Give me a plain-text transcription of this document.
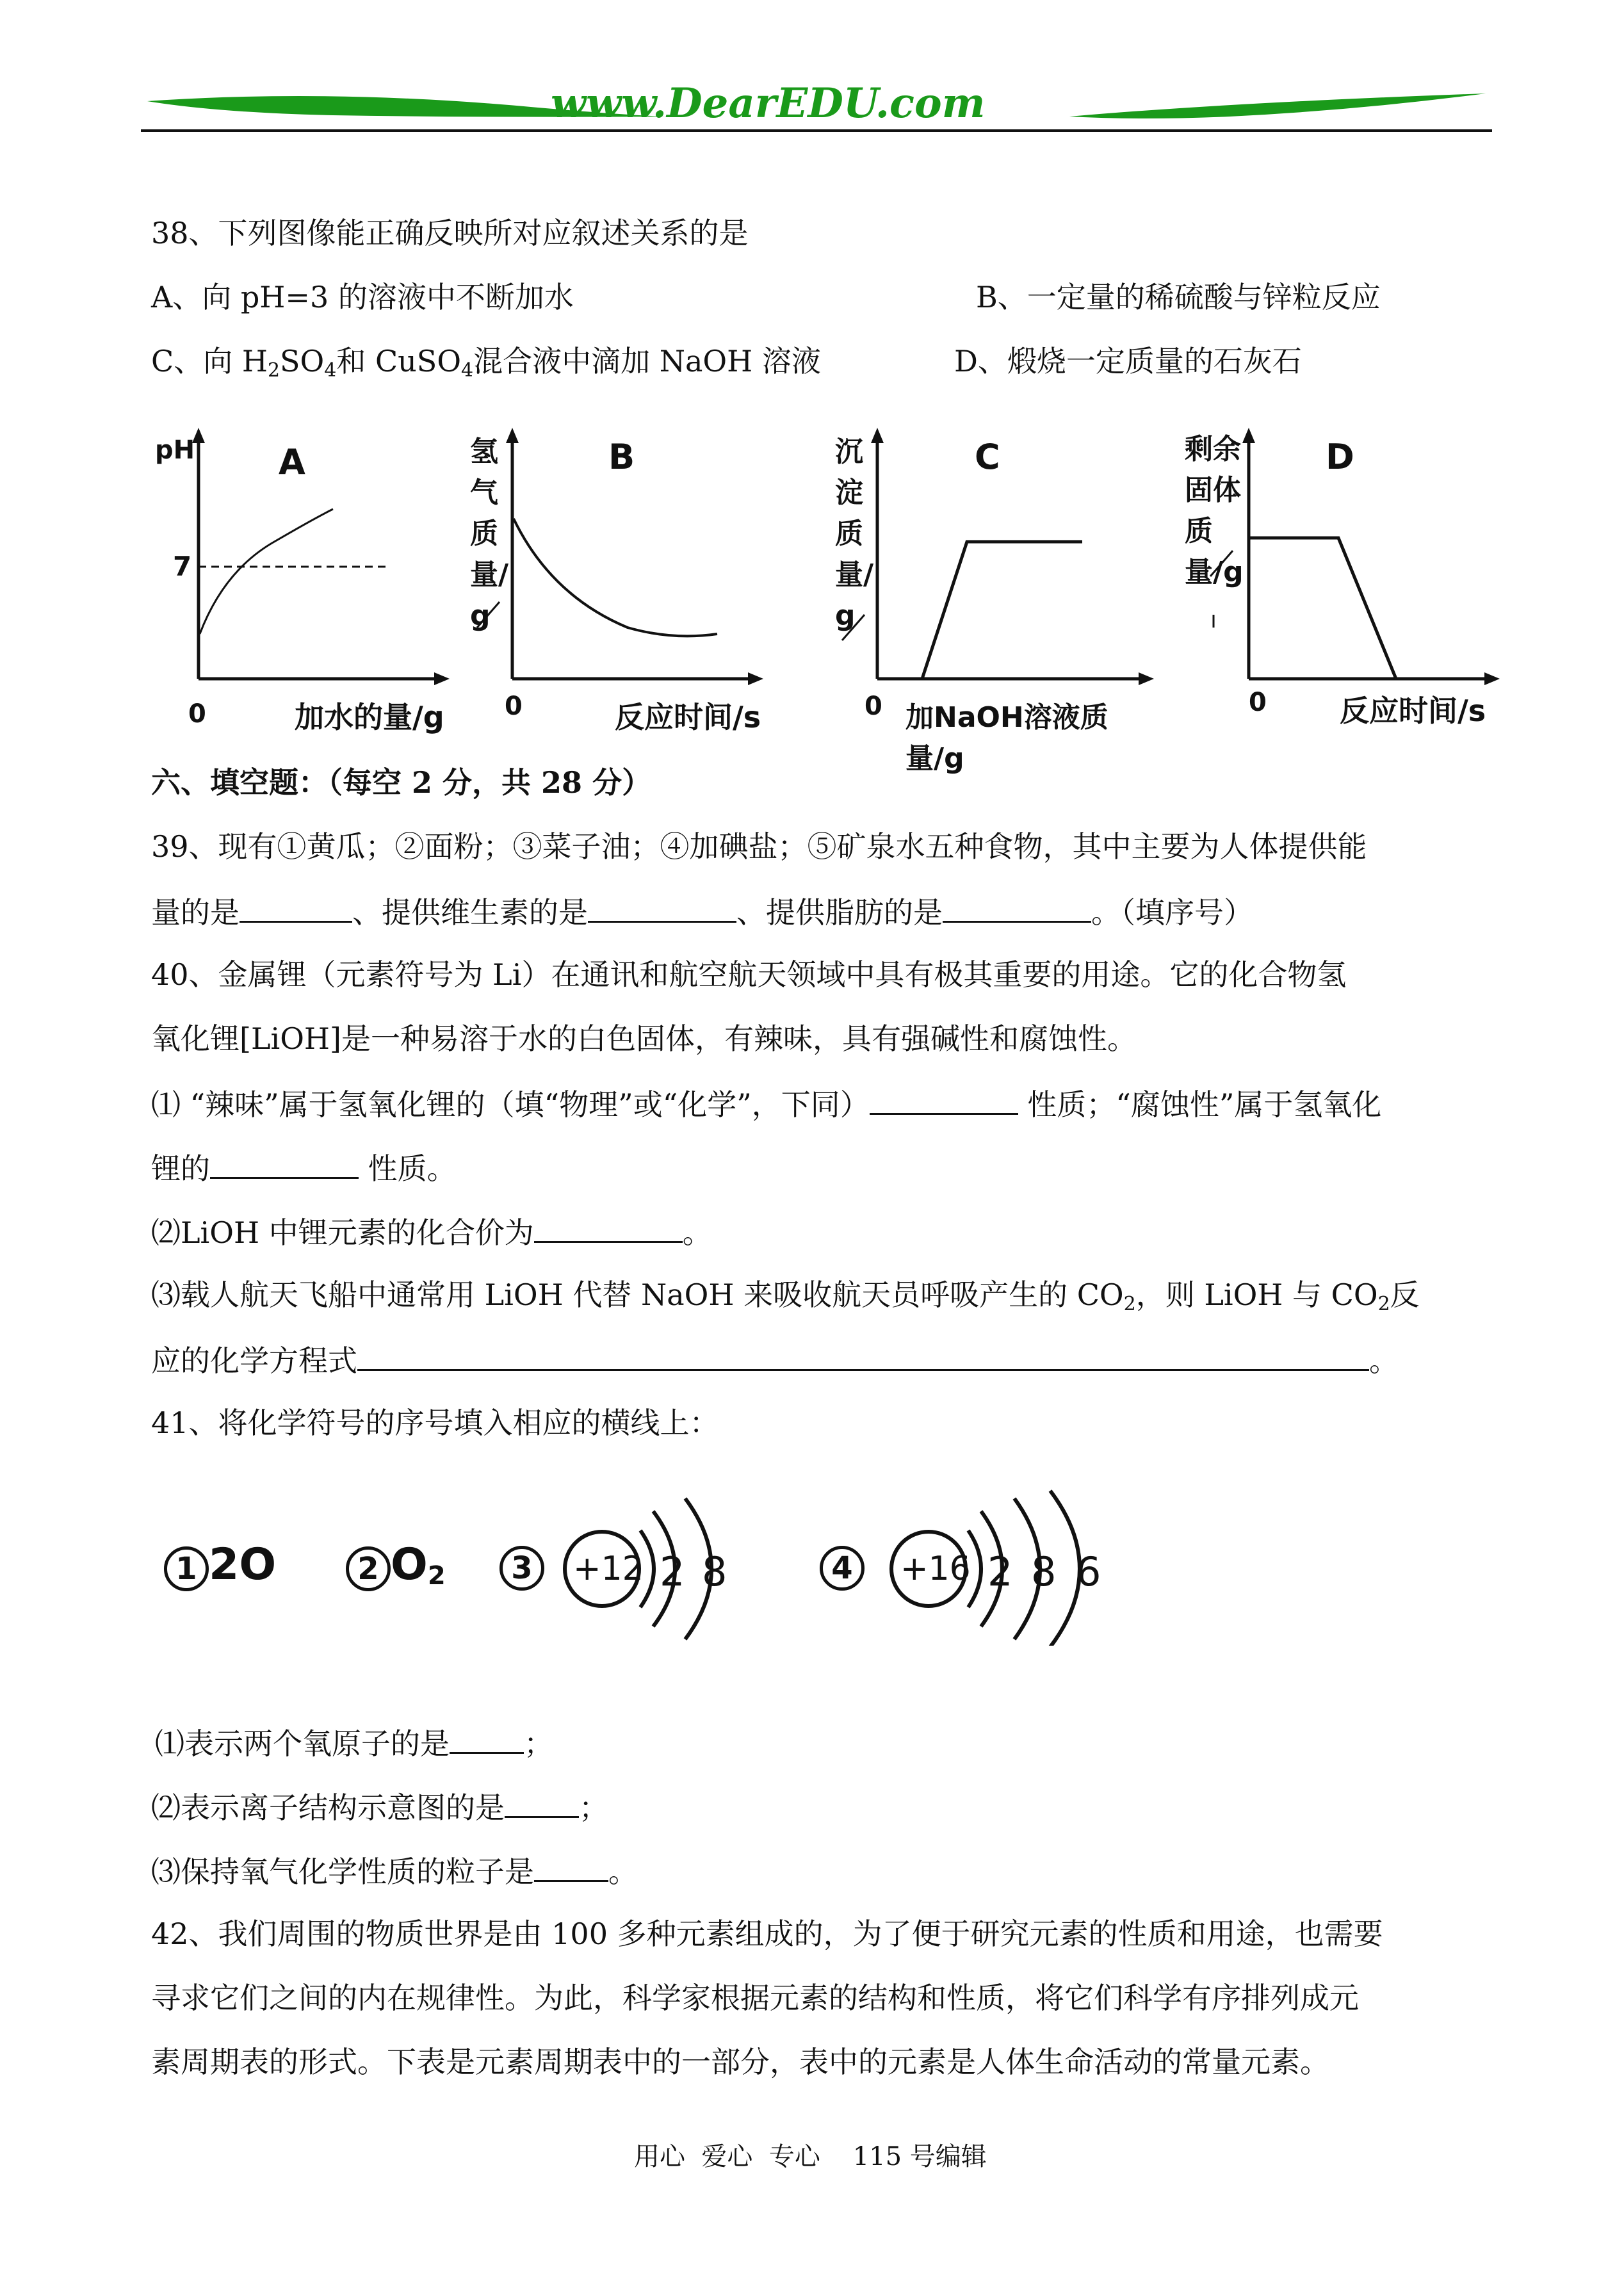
www.DearEDU.com
38、下列图像能正确反映所对应叙述关系的是
A、向 pH=3 的溶液中不断加水	B、一定量的稀硫酸与锌粒反应
C、向 $H_2SO_4$和 CuSO$_4$混合液中滴加 NaOH 溶液	D、煅烧一定质量的石灰石
pH A
7
0	加水的量/g
氢气质量/g
B
0	反应时间/s
沉淀质量/g
C
0 加NaOH溶液质量/g
剩余固体质量/g
D
0 反应时间/s
六、填空题：（每空 2 分，共 28 分）
39、现有①黄瓜；②面粉；③菜子油；④加碘盐；⑤矿泉水五种食物，其中主要为人体提供能
量的是	、提供维生素的是	、提供脂肪的是	。（填序号）
40、金属锂（元素符号为 Li）在通讯和航空航天领域中具有极其重要的用途。它的化合物氢
氧化锂[LiOH]是一种易溶于水的白色固体，有辣味，具有强碱性和腐蚀性。
⑴ “辣味”属于氢氧化锂的（填“物理”或“化学”，下同）	性质；“腐蚀性”属于氢氧化
锂的	性质。
⑵LiOH 中锂元素的化合价为	。
⑶载人航天飞船中通常用 LiOH 代替 NaOH 来吸收航天员呼吸产生的 $CO_2$，则 LiOH 与 $CO_2$反
应的化学方程式	。
41、将化学符号的序号填入相应的横线上：
1 2O	2 $O_2$	3	+12 2 8	4	+16 2 8 6
⑴表示两个氧原子的是	；
⑵表示离子结构示意图的是	；
⑶保持氧气化学性质的粒子是	。
42、我们周围的物质世界是由 100 多种元素组成的，为了便于研究元素的性质和用途，也需要
寻求它们之间的内在规律性。为此，科学家根据元素的结构和性质，将它们科学有序排列成元
素周期表的形式。下表是元素周期表中的一部分，表中的元素是人体生命活动的常量元素。
用心  爱心  专心    115 号编辑
